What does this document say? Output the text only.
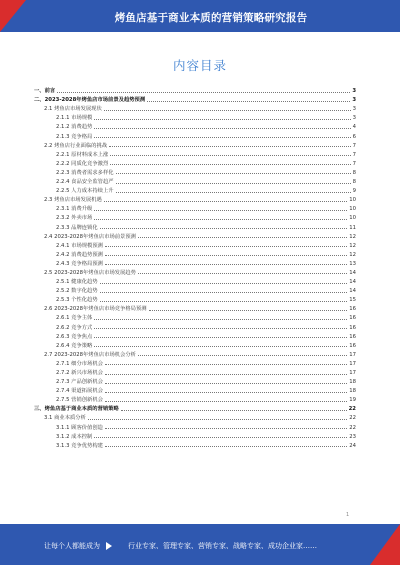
烤鱼店基于商业本质的营销策略研究报告
内容目录
一、前言	3
二、2023-2028年烤鱼店市场前景及趋势预测	3
2.1 烤鱼店市场发展现状	3
2.1.1 市场规模	3
2.1.2 消费趋势	4
2.1.3 竞争格局	6
2.2 烤鱼店行业面临的挑战	7
2.2.1 原材料成本上涨	7
2.2.2 同质化竞争激烈	7
2.2.3 消费者需求多样化	8
2.2.4 食品安全监管趋严	8
2.2.5 人力成本持续上升	9
2.3 烤鱼店市场发展机遇	10
2.3.1 消费升级	10
2.3.2 外卖市场	10
2.3.3 品牌连锁化	11
2.4 2023-2028年烤鱼店市场前景预测	12
2.4.1 市场规模预测	12
2.4.2 消费趋势预测	12
2.4.3 竞争格局预测	13
2.5 2023-2028年烤鱼店市场发展趋势	14
2.5.1 健康化趋势	14
2.5.2 数字化趋势	14
2.5.3 个性化趋势	15
2.6 2023-2028年烤鱼店市场竞争格局预测	16
2.6.1 竞争主体	16
2.6.2 竞争方式	16
2.6.3 竞争焦点	16
2.6.4 竞争策略	16
2.7 2023-2028年烤鱼店市场机会分析	17
2.7.1 细分市场机会	17
2.7.2 新兴市场机会	17
2.7.3 产品创新机会	18
2.7.4 渠道拓展机会	18
2.7.5 营销创新机会	19
三、烤鱼店基于商业本质的营销策略	22
3.1 商业本质分析	22
3.1.1 顾客价值创造	22
3.1.2 成本控制	23
3.1.3 竞争优势构建	24
1
让每个人都能成为	行业专家、管理专家、营销专家、战略专家、成功企业家……
